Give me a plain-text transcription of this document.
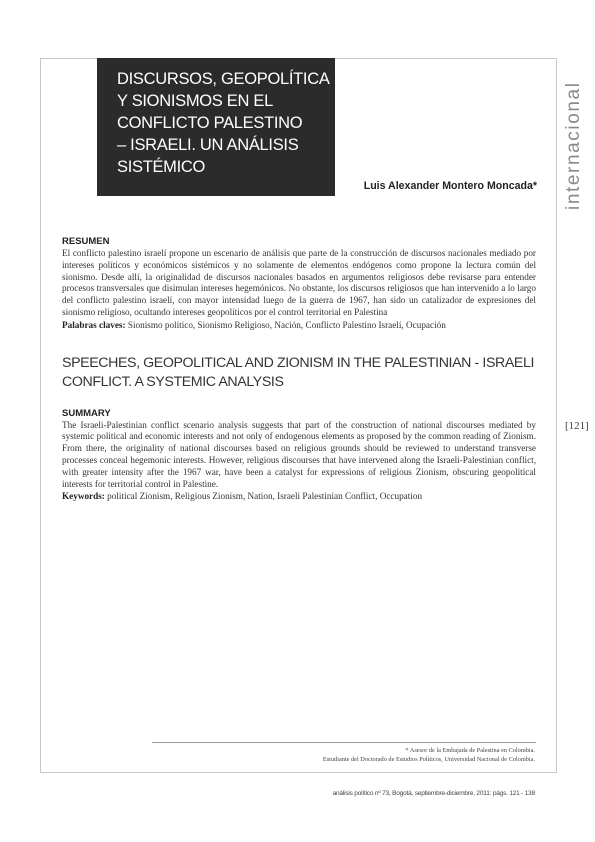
DISCURSOS, GEOPOLÍTICA
Y SIONISMOS EN EL
CONFLICTO PALESTINO
– ISRAELI. UN ANÁLISIS
SISTÉMICO

Luis Alexander Montero Moncada* internacional
[121]
RESUMEN

El conflicto palestino israelí propone un escenario de análisis que parte de la construcción de discursos nacionales mediado por intereses políticos y económicos sistémicos y no solamente de elementos endógenos como propone la lectura común del sionismo. Desde allí, la originalidad de discursos nacionales basados en argumentos religiosos debe revisarse para entender procesos transversales que disimulan intereses hegemónicos. No obstante, los discursos religiosos que han intervenido a lo largo del conflicto palestino israelí, con mayor intensidad luego de la guerra de 1967, han sido un catalizador de expresiones del sionismo religioso, ocultando intereses geopolíticos por el control territorial en Palestina

Palabras claves: Sionismo político, Sionismo Religioso, Nación, Conflicto Palestino Israelí, Ocupación

SPEECHES, GEOPOLITICAL AND ZIONISM IN THE PALESTINIAN - ISRAELI
CONFLICT. A SYSTEMIC ANALYSIS
SUMMARY

The Israeli-Palestinian conflict scenario analysis suggests that part of the construction of national discourses mediated by systemic political and economic interests and not only of endogenous elements as proposed by the common reading of Zionism. From there, the originality of national discourses based on religious grounds should be reviewed to understand transverse processes conceal hegemonic interests. However, religious discourses that have intervened along the Israeli-Palestinian conflict, with greater intensity after the 1967 war, have been a catalyst for expressions of religious Zionism, obscuring geopolitical interests for territorial control in Palestine.

Keywords: political Zionism, Religious Zionism, Nation, Israeli Palestinian Conflict, Occupation

* Asesor de la Embajada de Palestina en Colombia.

Estudiante del Doctorado de Estudios Políticos, Universidad Nacional de Colombia.

análisis político nº 73, Bogotá, septiembre-diciembre, 2011: págs. 121 - 138
